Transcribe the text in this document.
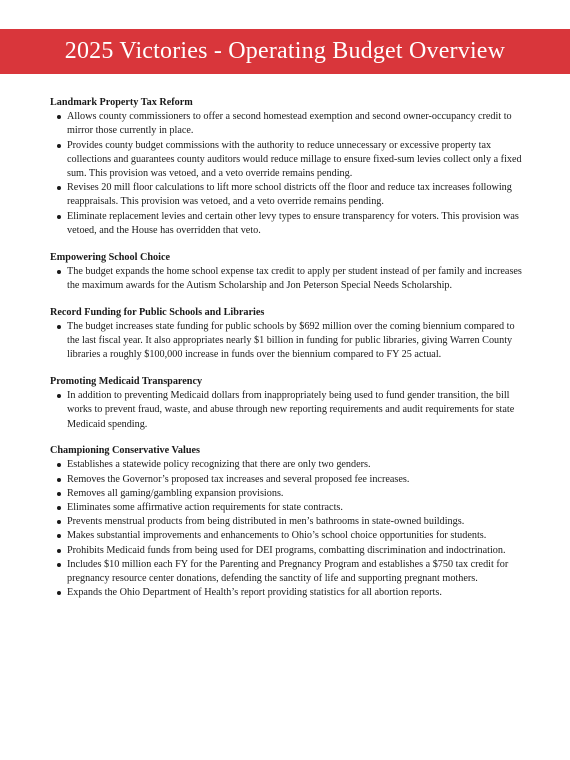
2025 Victories - Operating Budget Overview
Landmark Property Tax Reform
Allows county commissioners to offer a second homestead exemption and second owner-occupancy credit to mirror those currently in place.
Provides county budget commissions with the authority to reduce unnecessary or excessive property tax collections and guarantees county auditors would reduce millage to ensure fixed-sum levies collect only a fixed sum. This provision was vetoed, and a veto override remains pending.
Revises 20 mill floor calculations to lift more school districts off the floor and reduce tax increases following reappraisals. This provision was vetoed, and a veto override remains pending.
Eliminate replacement levies and certain other levy types to ensure transparency for voters. This provision was vetoed, and the House has overridden that veto.
Empowering School Choice
The budget expands the home school expense tax credit to apply per student instead of per family and increases the maximum awards for the Autism Scholarship and Jon Peterson Special Needs Scholarship.
Record Funding for Public Schools and Libraries
The budget increases state funding for public schools by $692 million over the coming biennium compared to the last fiscal year. It also appropriates nearly $1 billion in funding for public libraries, giving Warren County libraries a roughly $100,000 increase in funds over the biennium compared to FY 25 actual.
Promoting Medicaid Transparency
In addition to preventing Medicaid dollars from inappropriately being used to fund gender transition, the bill works to prevent fraud, waste, and abuse through new reporting requirements and audit requirements for state Medicaid spending.
Championing Conservative Values
Establishes a statewide policy recognizing that there are only two genders.
Removes the Governor’s proposed tax increases and several proposed fee increases.
Removes all gaming/gambling expansion provisions.
Eliminates some affirmative action requirements for state contracts.
Prevents menstrual products from being distributed in men’s bathrooms in state-owned buildings.
Makes substantial improvements and enhancements to Ohio’s school choice opportunities for students.
Prohibits Medicaid funds from being used for DEI programs, combatting discrimination and indoctrination.
Includes $10 million each FY for the Parenting and Pregnancy Program and establishes a $750 tax credit for pregnancy resource center donations, defending the sanctity of life and supporting pregnant mothers.
Expands the Ohio Department of Health’s report providing statistics for all abortion reports.
